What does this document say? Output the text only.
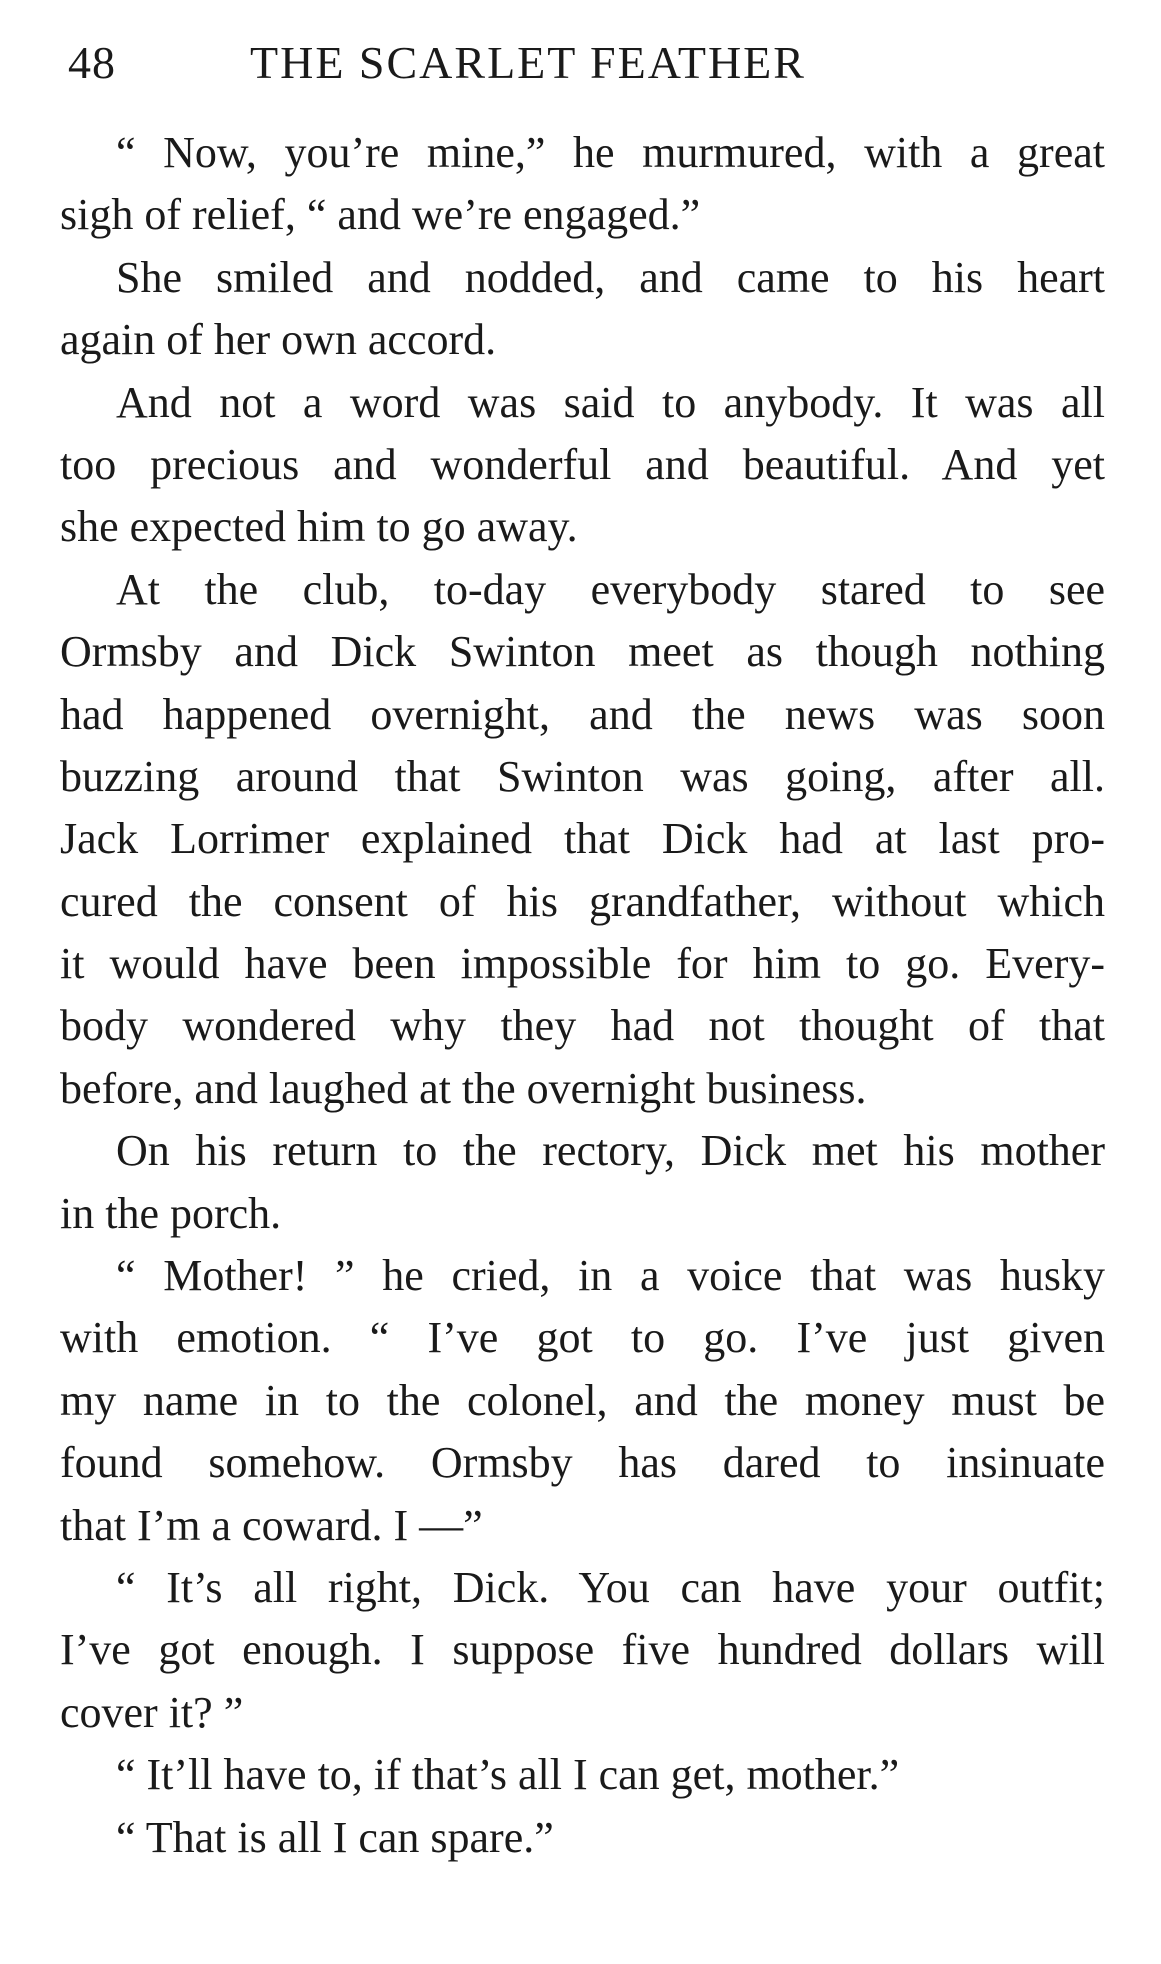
48	THE SCARLET FEATHER
“ Now, you’re mine,” he murmured, with a great
sigh of relief, “ and we’re engaged.”
She smiled and nodded, and came to his heart
again of her own accord.
And not a word was said to anybody. It was all
too precious and wonderful and beautiful. And yet
she expected him to go away.
At the club, to-day everybody stared to see
Ormsby and Dick Swinton meet as though nothing
had happened overnight, and the news was soon
buzzing around that Swinton was going, after all.
Jack Lorrimer explained that Dick had at last pro-
cured the consent of his grandfather, without which
it would have been impossible for him to go. Every-
body wondered why they had not thought of that
before, and laughed at the overnight business.
On his return to the rectory, Dick met his mother
in the porch.
“ Mother! ” he cried, in a voice that was husky
with emotion. “ I’ve got to go. I’ve just given
my name in to the colonel, and the money must be
found somehow. Ormsby has dared to insinuate
that I’m a coward. I —”
“ It’s all right, Dick. You can have your outfit;
I’ve got enough. I suppose five hundred dollars will
cover it? ”
“ It’ll have to, if that’s all I can get, mother.”
“ That is all I can spare.”
